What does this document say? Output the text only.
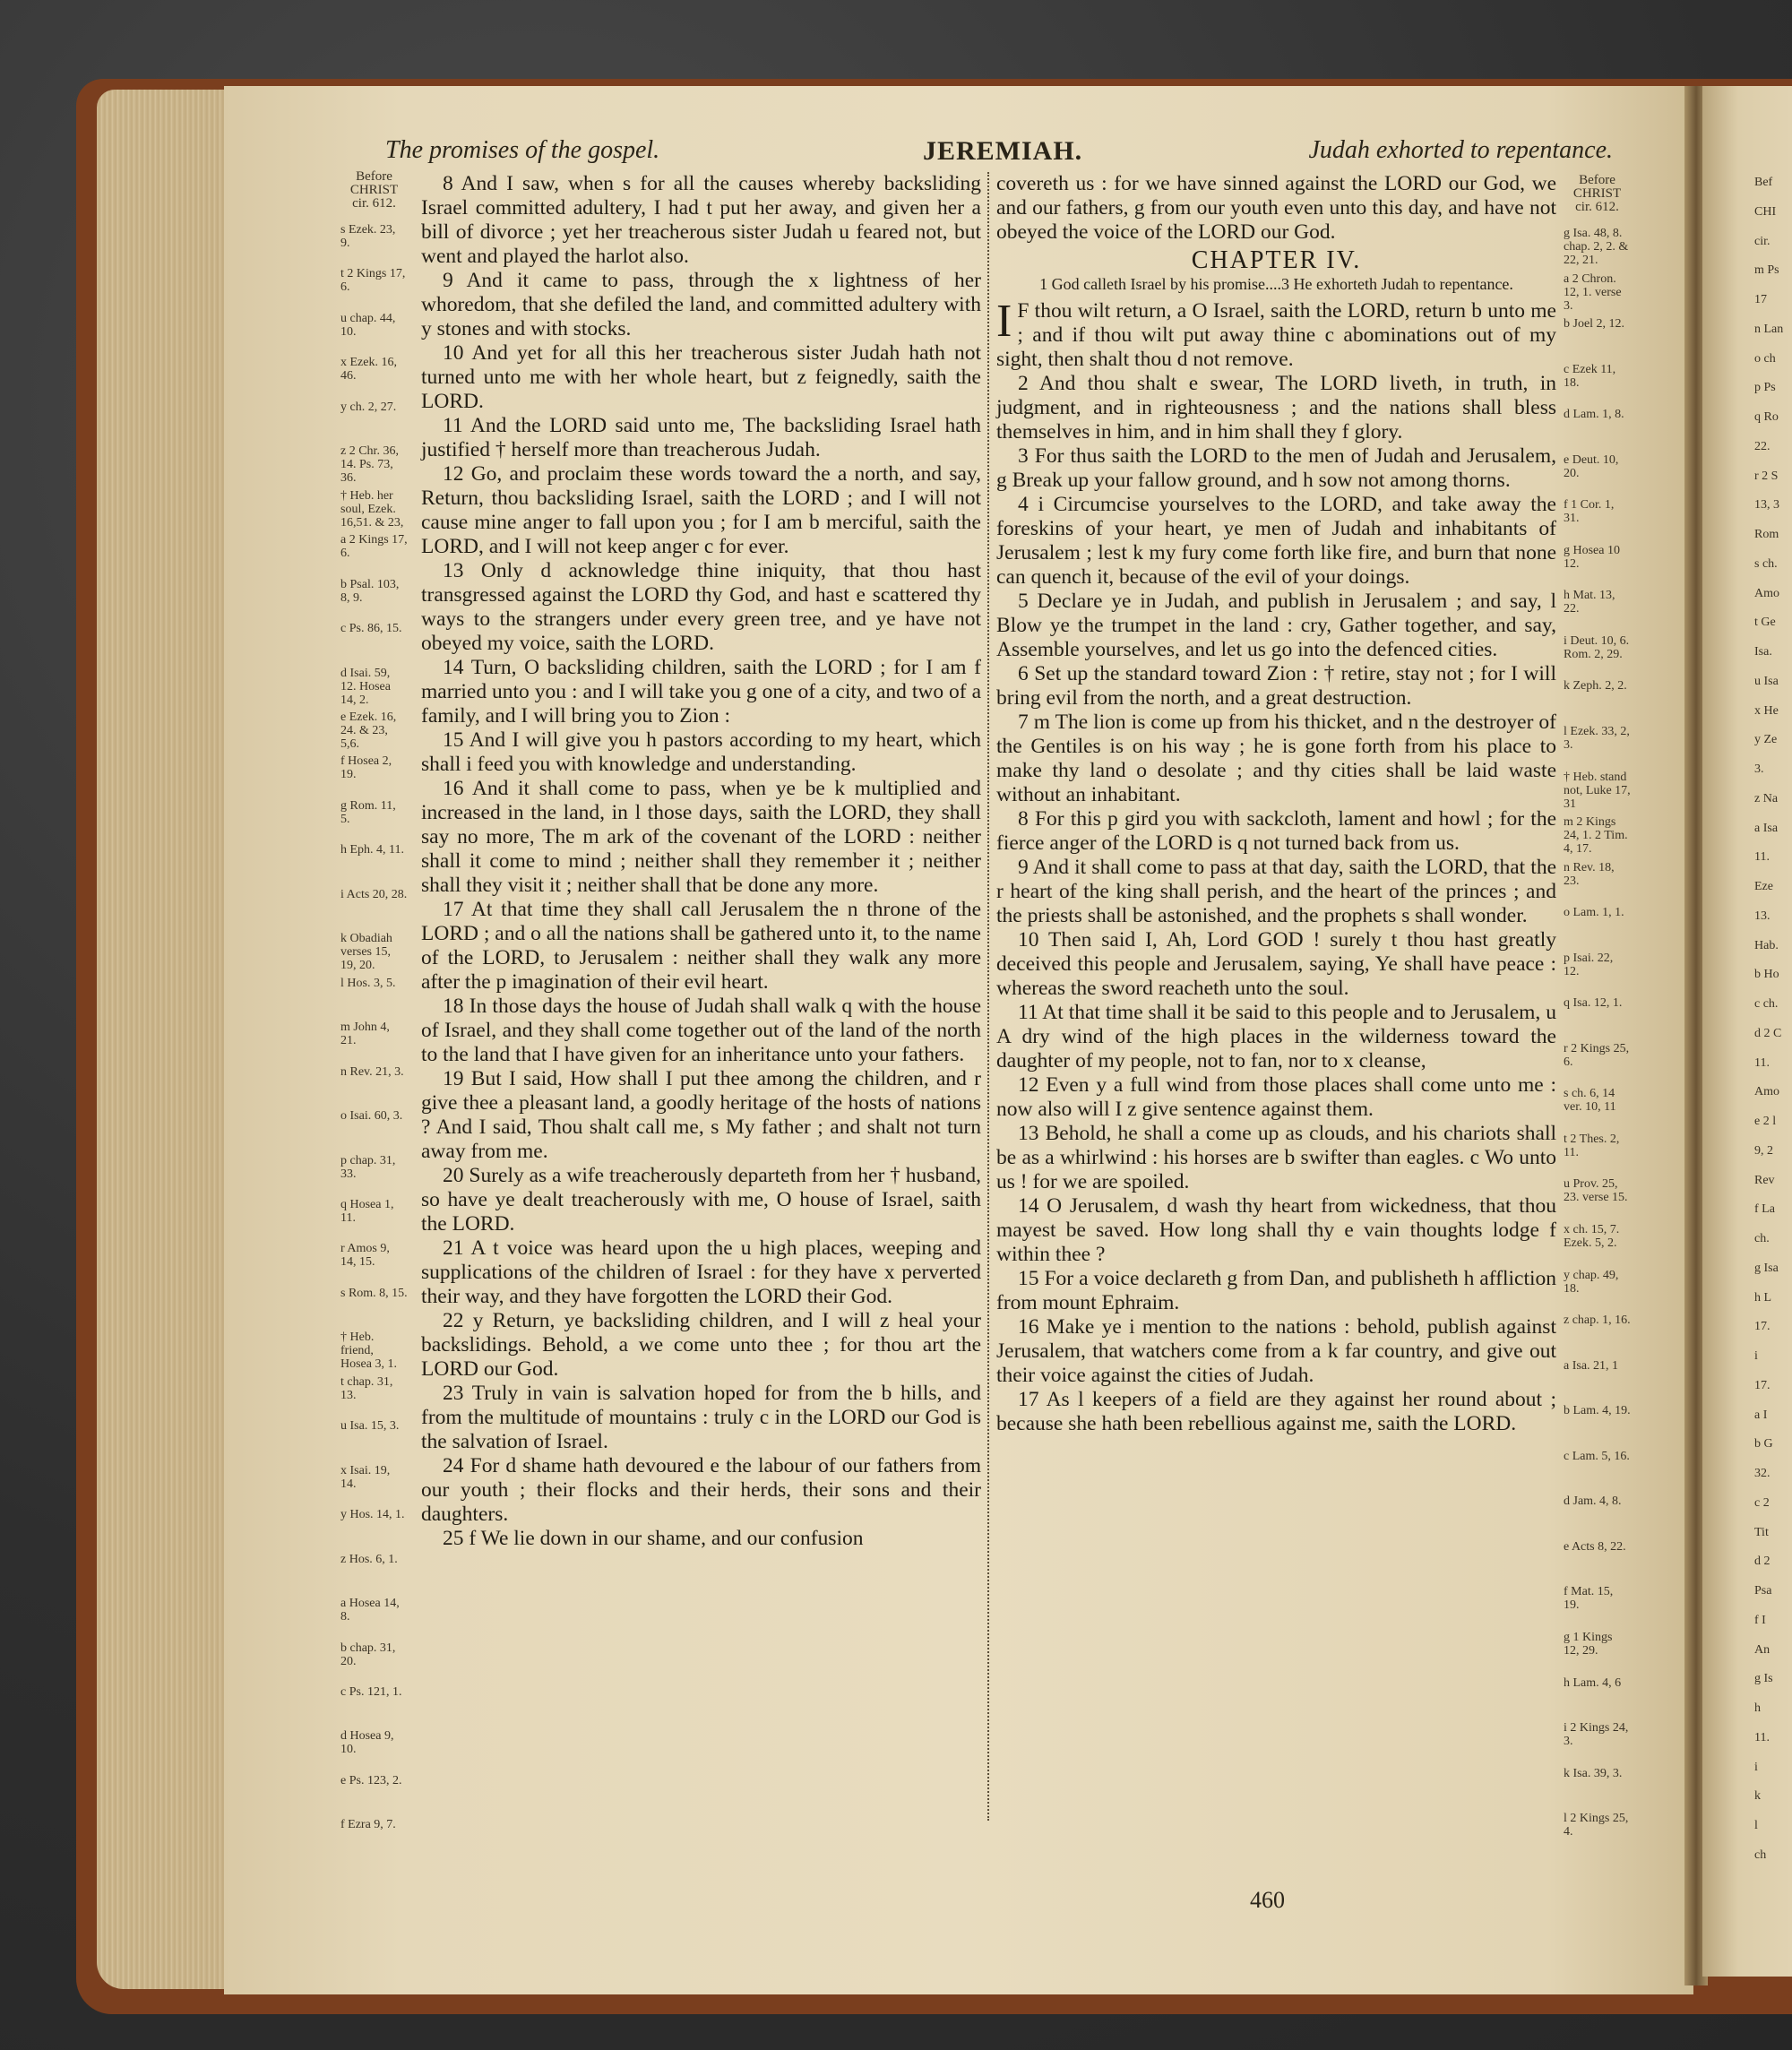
The promises of the gospel.	JEREMIAH.	Judah exhorted to repentance.
Before CHRIST cir. 612.
s Ezek. 23, 9.
t 2 Kings 17, 6.
u chap. 44, 10.
x Ezek. 16, 46.
y ch. 2, 27.
z 2 Chr. 36, 14. Ps. 73, 36.
† Heb. her soul, Ezek. 16,51. & 23,
a 2 Kings 17, 6.
b Psal. 103, 8, 9.
c Ps. 86, 15.
d Isai. 59, 12. Hosea 14, 2.
e Ezek. 16, 24. & 23, 5,6.
f Hosea 2, 19.
g Rom. 11, 5.
h Eph. 4, 11.
i Acts 20, 28.
k Obadiah verses 15, 19, 20.
l Hos. 3, 5.
m John 4, 21.
n Rev. 21, 3.
o Isai. 60, 3.
p chap. 31, 33.
q Hosea 1, 11.
r Amos 9, 14, 15.
s Rom. 8, 15.
† Heb. friend, Hosea 3, 1.
t chap. 31, 13.
u Isa. 15, 3.
x Isai. 19, 14.
y Hos. 14, 1.
z Hos. 6, 1.
a Hosea 14, 8.
b chap. 31, 20.
c Ps. 121, 1.
d Hosea 9, 10.
e Ps. 123, 2.
f Ezra 9, 7.

8 And I saw, when s for all the causes whereby backsliding Israel committed adultery, I had t put her away, and given her a bill of divorce ; yet her treacherous sister Judah u feared not, but went and played the harlot also.

9 And it came to pass, through the x lightness of her whoredom, that she defiled the land, and committed adultery with y stones and with stocks.

10 And yet for all this her treacherous sister Judah hath not turned unto me with her whole heart, but z feignedly, saith the LORD.

11 And the LORD said unto me, The backsliding Israel hath justified † herself more than treacherous Judah.

12 Go, and proclaim these words toward the a north, and say, Return, thou backsliding Israel, saith the LORD ; and I will not cause mine anger to fall upon you ; for I am b merciful, saith the LORD, and I will not keep anger c for ever.

13 Only d acknowledge thine iniquity, that thou hast transgressed against the LORD thy God, and hast e scattered thy ways to the strangers under every green tree, and ye have not obeyed my voice, saith the LORD.

14 Turn, O backsliding children, saith the LORD ; for I am f married unto you : and I will take you g one of a city, and two of a family, and I will bring you to Zion :

15 And I will give you h pastors according to my heart, which shall i feed you with knowledge and understanding.

16 And it shall come to pass, when ye be k multiplied and increased in the land, in l those days, saith the LORD, they shall say no more, The m ark of the covenant of the LORD : neither shall it come to mind ; neither shall they remember it ; neither shall they visit it ; neither shall that be done any more.

17 At that time they shall call Jerusalem the n throne of the LORD ; and o all the nations shall be gathered unto it, to the name of the LORD, to Jerusalem : neither shall they walk any more after the p imagination of their evil heart.

18 In those days the house of Judah shall walk q with the house of Israel, and they shall come together out of the land of the north to the land that I have given for an inheritance unto your fathers.

19 But I said, How shall I put thee among the children, and r give thee a pleasant land, a goodly heritage of the hosts of nations ? And I said, Thou shalt call me, s My father ; and shalt not turn away from me.

20 Surely as a wife treacherously departeth from her † husband, so have ye dealt treacherously with me, O house of Israel, saith the LORD.

21 A t voice was heard upon the u high places, weeping and supplications of the children of Israel : for they have x perverted their way, and they have forgotten the LORD their God.

22 y Return, ye backsliding children, and I will z heal your backslidings. Behold, a we come unto thee ; for thou art the LORD our God.

23 Truly in vain is salvation hoped for from the b hills, and from the multitude of mountains : truly c in the LORD our God is the salvation of Israel.

24 For d shame hath devoured e the labour of our fathers from our youth ; their flocks and their herds, their sons and their daughters.

25 f We lie down in our shame, and our confusion

covereth us : for we have sinned against the LORD our God, we and our fathers, g from our youth even unto this day, and have not obeyed the voice of the LORD our God.

CHAPTER IV.
1 God calleth Israel by his promise....3 He exhorteth Judah to repentance.

I F thou wilt return, a O Israel, saith the LORD, return b unto me ; and if thou wilt put away thine c abominations out of my sight, then shalt thou d not remove.

2 And thou shalt e swear, The LORD liveth, in truth, in judgment, and in righteousness ; and the nations shall bless themselves in him, and in him shall they f glory.

3 For thus saith the LORD to the men of Judah and Jerusalem, g Break up your fallow ground, and h sow not among thorns.

4 i Circumcise yourselves to the LORD, and take away the foreskins of your heart, ye men of Judah and inhabitants of Jerusalem ; lest k my fury come forth like fire, and burn that none can quench it, because of the evil of your doings.

5 Declare ye in Judah, and publish in Jerusalem ; and say, l Blow ye the trumpet in the land : cry, Gather together, and say, Assemble yourselves, and let us go into the defenced cities.

6 Set up the standard toward Zion : † retire, stay not ; for I will bring evil from the north, and a great destruction.

7 m The lion is come up from his thicket, and n the destroyer of the Gentiles is on his way ; he is gone forth from his place to make thy land o desolate ; and thy cities shall be laid waste without an inhabitant.

8 For this p gird you with sackcloth, lament and howl ; for the fierce anger of the LORD is q not turned back from us.

9 And it shall come to pass at that day, saith the LORD, that the r heart of the king shall perish, and the heart of the princes ; and the priests shall be astonished, and the prophets s shall wonder.

10 Then said I, Ah, Lord GOD ! surely t thou hast greatly deceived this people and Jerusalem, saying, Ye shall have peace : whereas the sword reacheth unto the soul.

11 At that time shall it be said to this people and to Jerusalem, u A dry wind of the high places in the wilderness toward the daughter of my people, not to fan, nor to x cleanse,

12 Even y a full wind from those places shall come unto me : now also will I z give sentence against them.

13 Behold, he shall a come up as clouds, and his chariots shall be as a whirlwind : his horses are b swifter than eagles. c Wo unto us ! for we are spoiled.

14 O Jerusalem, d wash thy heart from wickedness, that thou mayest be saved. How long shall thy e vain thoughts lodge f within thee ?

15 For a voice declareth g from Dan, and publisheth h affliction from mount Ephraim.

16 Make ye i mention to the nations : behold, publish against Jerusalem, that watchers come from a k far country, and give out their voice against the cities of Judah.

17 As l keepers of a field are they against her round about ; because she hath been rebellious against me, saith the LORD.

Before CHRIST cir. 612.
g Isa. 48, 8. chap. 2, 2. & 22, 21.
a 2 Chron. 12, 1. verse 3.
b Joel 2, 12.
c Ezek 11, 18.
d Lam. 1, 8.
e Deut. 10, 20.
f 1 Cor. 1, 31.
g Hosea 10 12.
h Mat. 13, 22.
i Deut. 10, 6. Rom. 2, 29.
k Zeph. 2, 2.
l Ezek. 33, 2, 3.
† Heb. stand not, Luke 17, 31
m 2 Kings 24, 1. 2 Tim. 4, 17.
n Rev. 18, 23.
o Lam. 1, 1.
p Isai. 22, 12.
q Isa. 12, 1.
r 2 Kings 25, 6.
s ch. 6, 14 ver. 10, 11
t 2 Thes. 2, 11.
u Prov. 25, 23. verse 15.
x ch. 15, 7. Ezek. 5, 2.
y chap. 49, 18.
z chap. 1, 16.
a Isa. 21, 1
b Lam. 4, 19.
c Lam. 5, 16.
d Jam. 4, 8.
e Acts 8, 22.
f Mat. 15, 19.
g 1 Kings 12, 29.
h Lam. 4, 6
i 2 Kings 24, 3.
k Isa. 39, 3.
l 2 Kings 25, 4.
Bef
CHI
cir.
m Ps
17
n Lan
o ch
p Ps
q Ro
22.
r 2 S
13, 3
Rom
s ch.
Amo
t Ge
Isa.
u Isa
x He
y Ze
3.
z Na
a Isa
11.
Eze
13.
Hab.
b Ho
c ch.
d 2 C
11.
Amo
e 2 l
9, 2
Rev
f La
ch.
g Isa
h L
17.
i
17.
a I
b G
32.
c 2
Tit
d 2
Psa
f I
An
g Is
h
11.
i
k
l
ch
460
